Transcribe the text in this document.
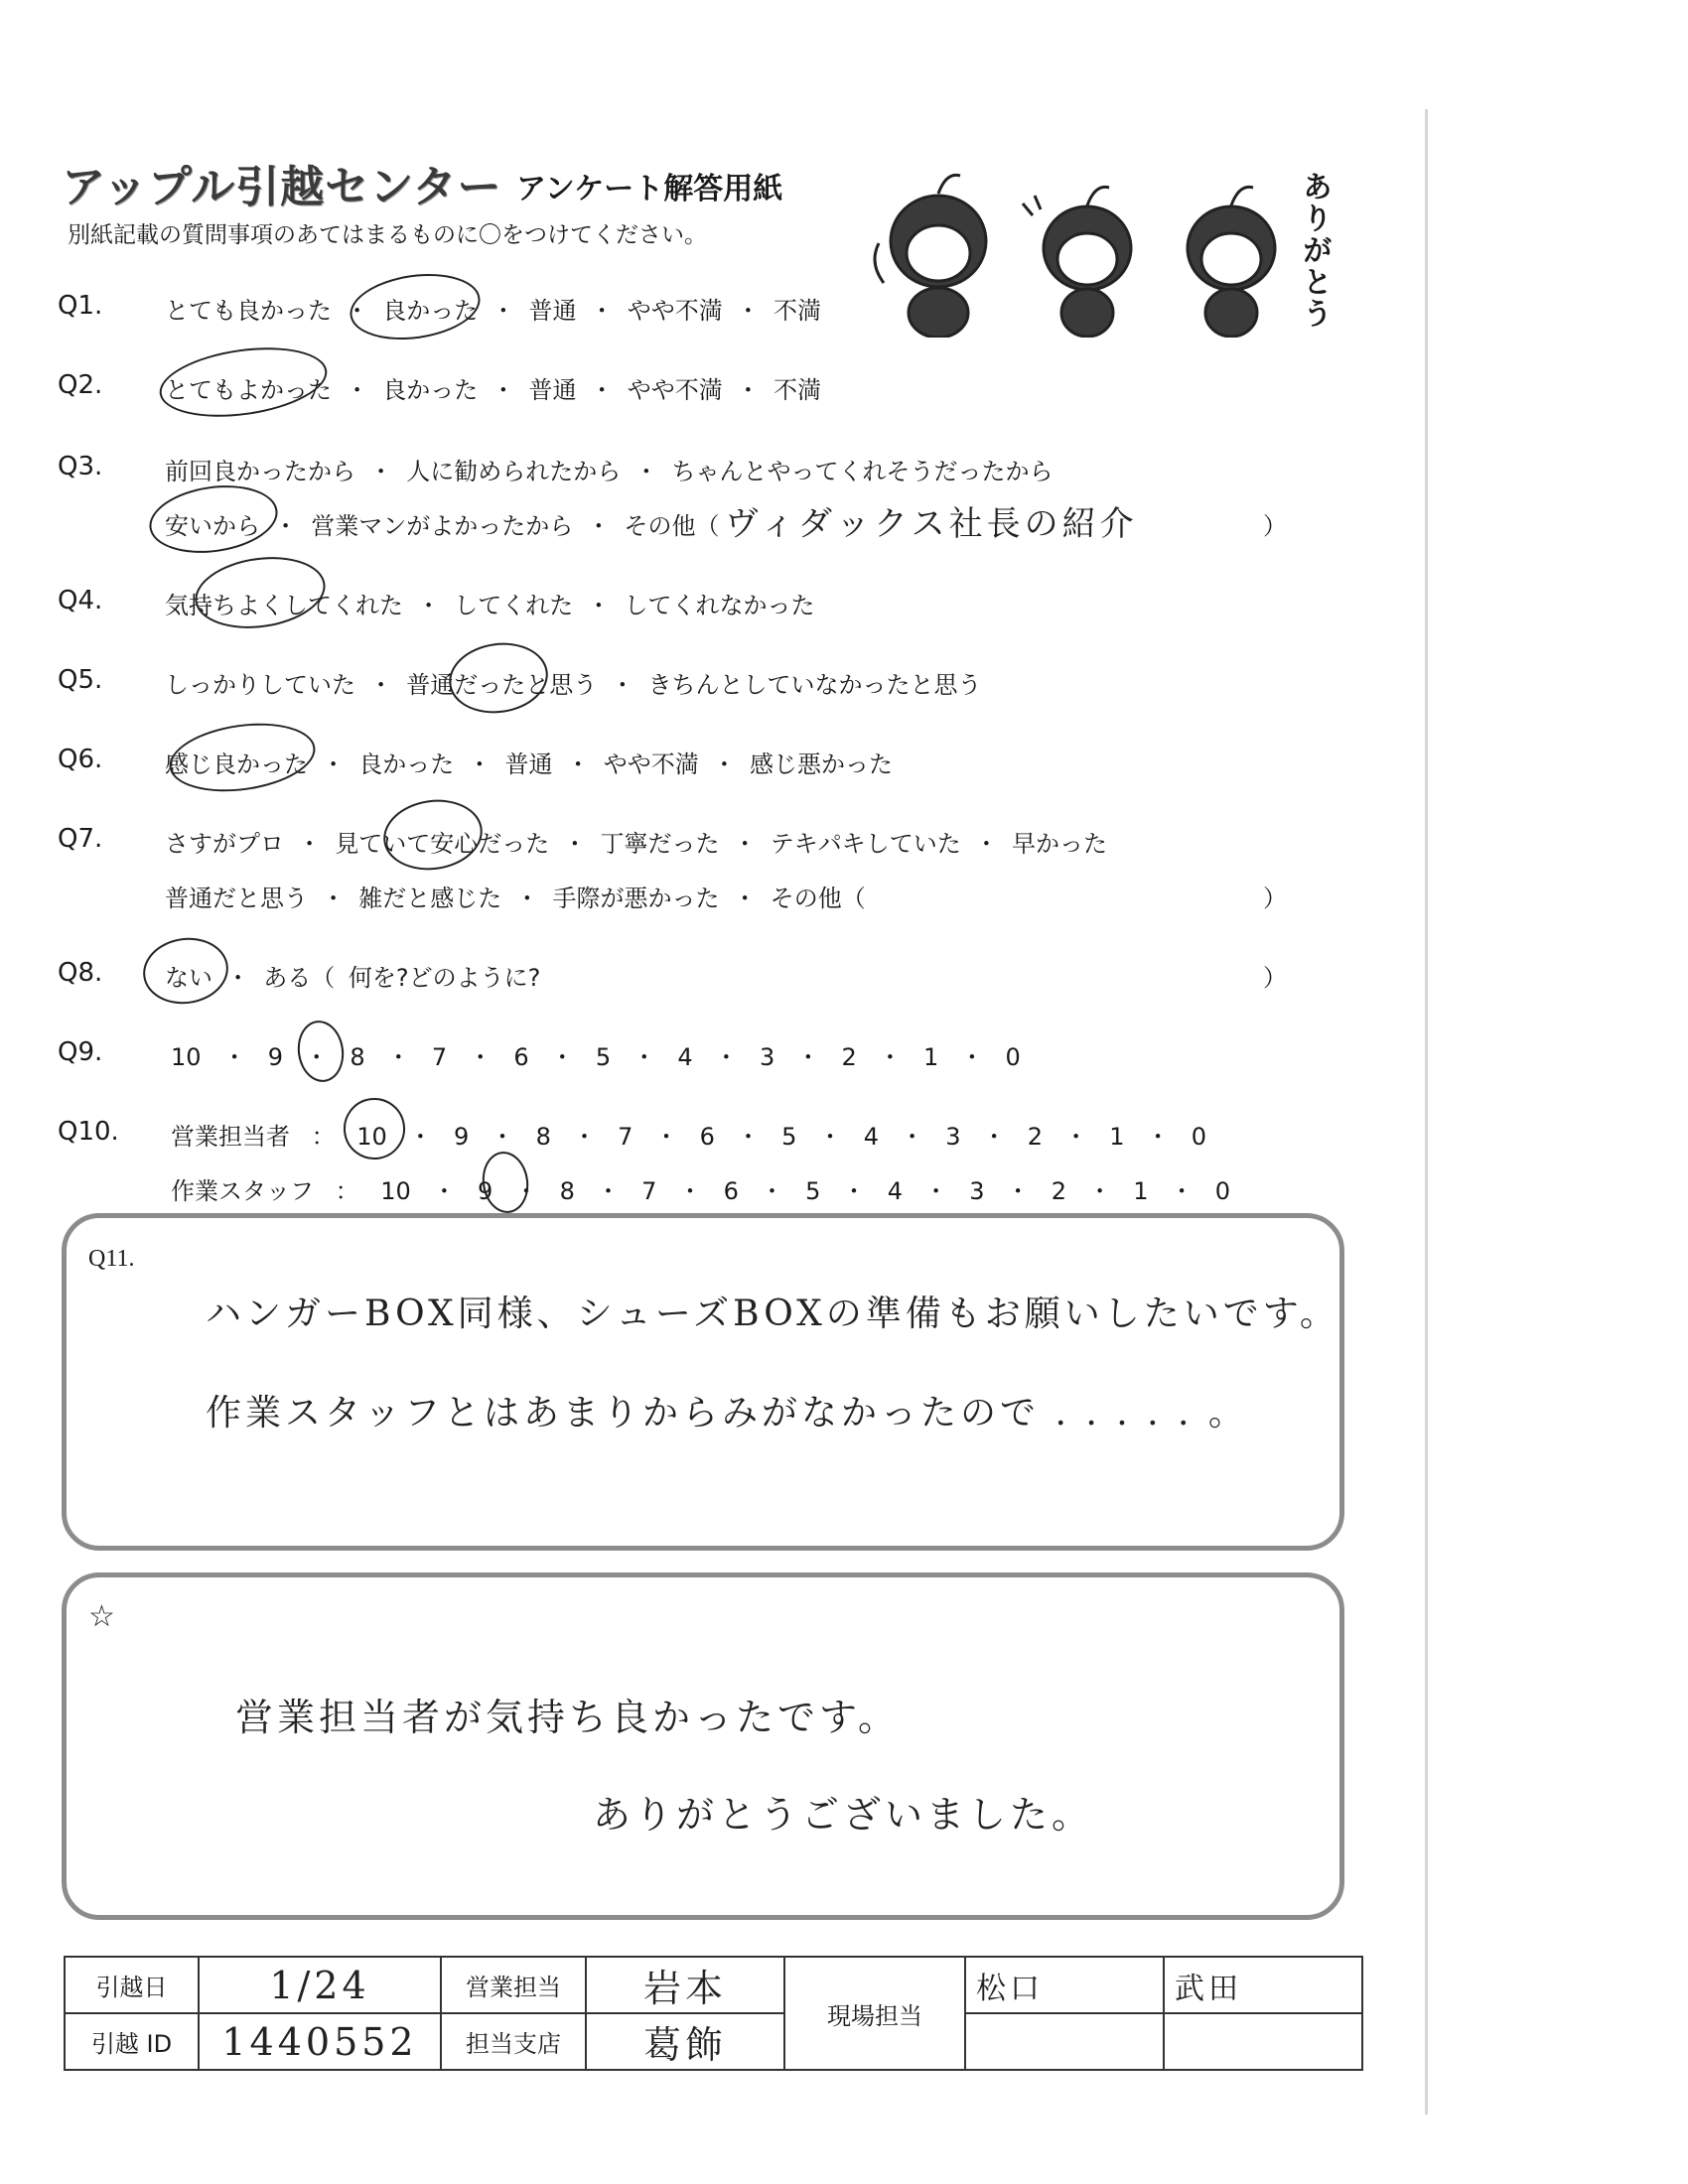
アップル引越センター アンケート解答用紙
別紙記載の質問事項のあてはまるものに〇をつけてください。	ありがとう
Q1.	とても良かった ・ 良かった ・ 普通 ・ やや不満 ・ 不満
Q2.	とてもよかった ・ 良かった ・ 普通 ・ やや不満 ・ 不満
Q3.	前回良かったから ・ 人に勧められたから ・ ちゃんとやってくれそうだったから
安いから ・ 営業マンがよかったから ・ その他（ ヴィダックス社長の紹介	）
Q4.	気持ちよくしてくれた ・ してくれた ・ してくれなかった
Q5.	しっかりしていた ・ 普通だったと思う ・ きちんとしていなかったと思う
Q6.	感じ良かった ・ 良かった ・ 普通 ・ やや不満 ・ 感じ悪かった
Q7.	さすがプロ ・ 見ていて安心だった ・ 丁寧だった ・ テキパキしていた ・ 早かった
普通だと思う ・ 雑だと感じた ・ 手際が悪かった ・ その他（	）
Q8.	ない ・ ある（ 何を?どのように?	）
Q9.	10 ・ 9 ・ 8 ・ 7 ・ 6 ・ 5 ・ 4 ・ 3 ・ 2 ・ 1 ・ 0
Q10.	営業担当者 ： 10 ・ 9 ・ 8 ・ 7 ・ 6 ・ 5 ・ 4 ・ 3 ・ 2 ・ 1 ・ 0
作業スタッフ ： 10 ・ 9 ・ 8 ・ 7 ・ 6 ・ 5 ・ 4 ・ 3 ・ 2 ・ 1 ・ 0
Q11.
ハンガーBOX同様、シューズBOXの準備もお願いしたいです。
作業スタッフとはあまりからみがなかったので . . . . . 。
☆
営業担当者が気持ち良かったです。
ありがとうございました。
引越日	1/24	営業担当	岩本	現場担当	松口	武田
引越 ID	1440552	担当支店	葛飾			
